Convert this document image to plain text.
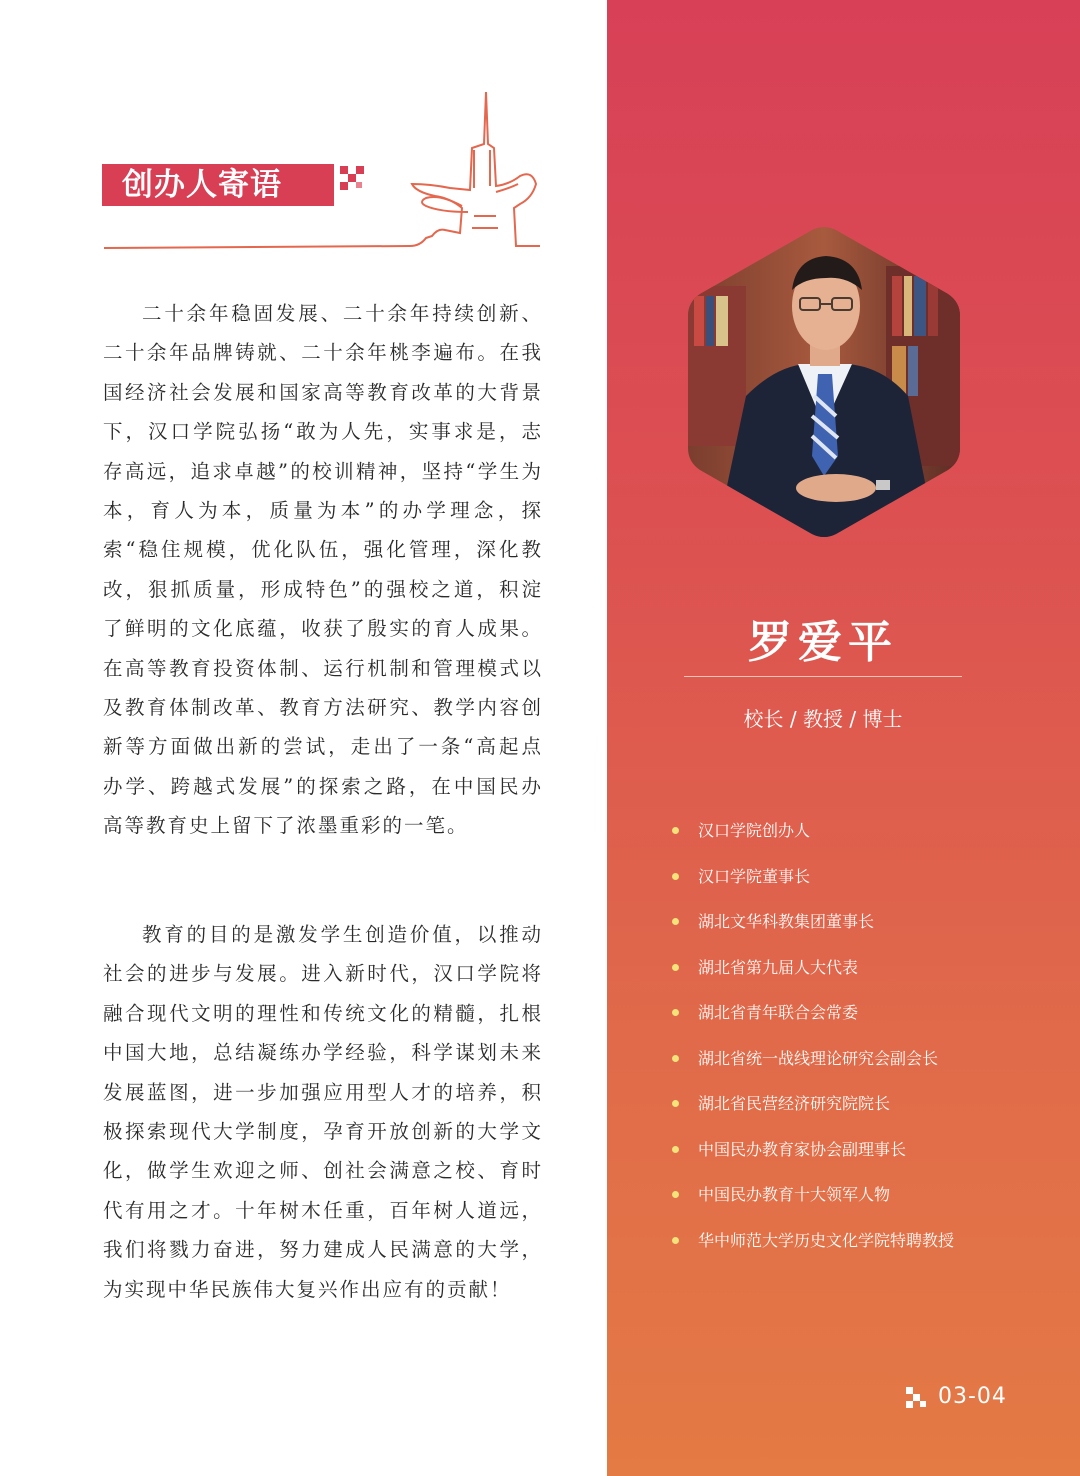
创办人寄语

二十余年稳固发展、二十余年持续创新、二十余年品牌铸就、二十余年桃李遍布。在我国经济社会发展和国家高等教育改革的大背景下，汉口学院弘扬“敢为人先，实事求是，志存高远，追求卓越”的校训精神，坚持“学生为本，育人为本，质量为本”的办学理念，探索“稳住规模，优化队伍，强化管理，深化教改，狠抓质量，形成特色”的强校之道，积淀了鲜明的文化底蕴，收获了殷实的育人成果。在高等教育投资体制、运行机制和管理模式以及教育体制改革、教育方法研究、教学内容创新等方面做出新的尝试，走出了一条“高起点办学、跨越式发展”的探索之路，在中国民办高等教育史上留下了浓墨重彩的一笔。

教育的目的是激发学生创造价值，以推动社会的进步与发展。进入新时代，汉口学院将融合现代文明的理性和传统文化的精髓，扎根中国大地，总结凝练办学经验，科学谋划未来发展蓝图，进一步加强应用型人才的培养，积极探索现代大学制度，孕育开放创新的大学文化，做学生欢迎之师、创社会满意之校、育时代有用之才。十年树木任重，百年树人道远，我们将戮力奋进，努力建成人民满意的大学，为实现中华民族伟大复兴作出应有的贡献！

罗爱平
校长 / 教授 / 博士
汉口学院创办人
汉口学院董事长
湖北文华科教集团董事长
湖北省第九届人大代表
湖北省青年联合会常委
湖北省统一战线理论研究会副会长
湖北省民营经济研究院院长
中国民办教育家协会副理事长
中国民办教育十大领军人物
华中师范大学历史文化学院特聘教授
03-04
